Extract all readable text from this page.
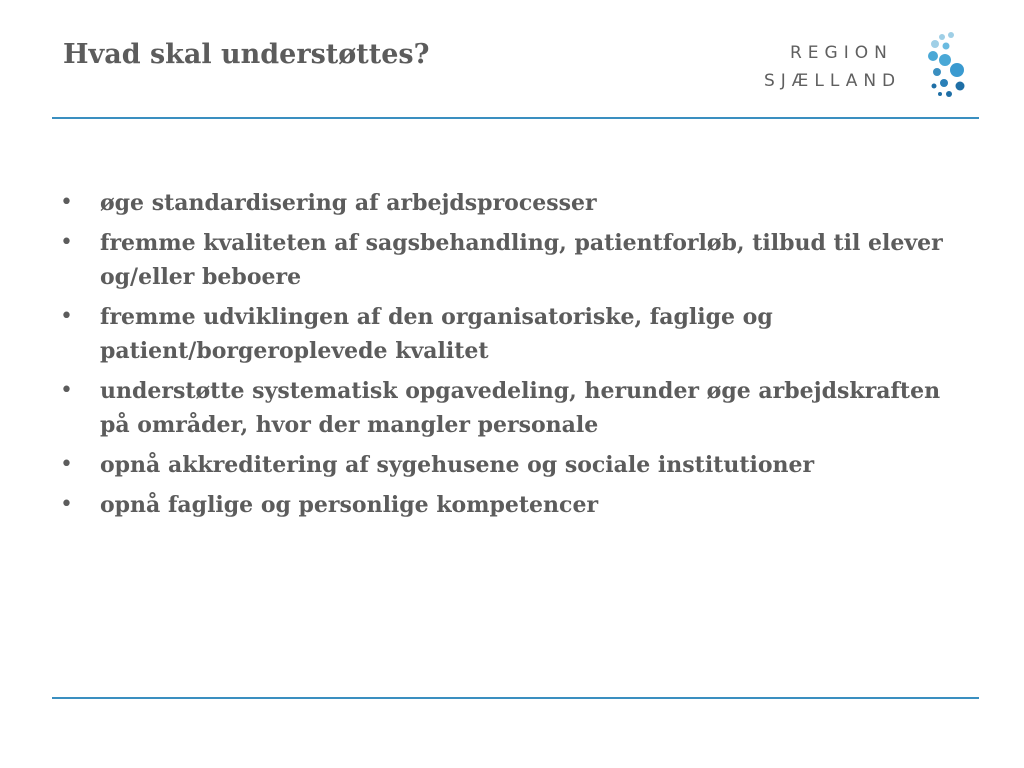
Hvad skal understøttes?	REGION
SJÆLLAND
•	øge standardisering af arbejdsprocesser
•	fremme kvaliteten af sagsbehandling, patientforløb, tilbud til elever og/eller beboere
•	fremme udviklingen af den organisatoriske, faglige og patient/borgeroplevede kvalitet
•	understøtte systematisk opgavedeling, herunder øge arbejdskraften på områder, hvor der mangler personale
•	opnå akkreditering af sygehusene og sociale institutioner
•	opnå faglige og personlige kompetencer
